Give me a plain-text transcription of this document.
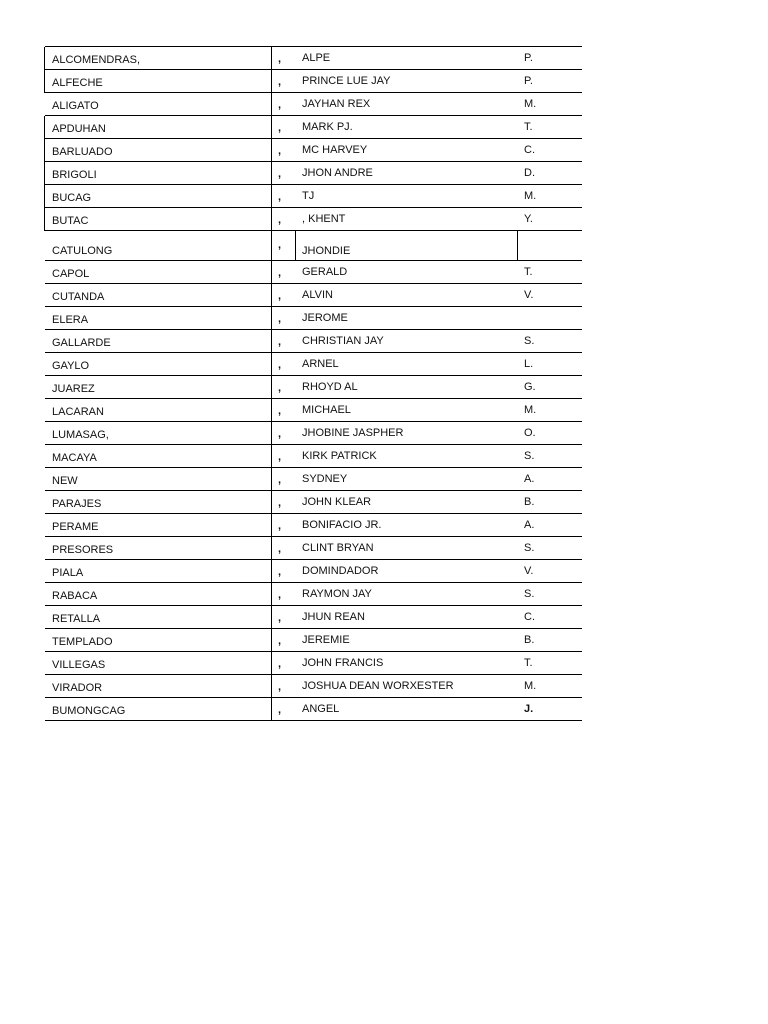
ALCOMENDRAS,	, ALPE	P.
ALFECHE	, PRINCE LUE JAY	P.
ALIGATO	, JAYHAN REX	M.
APDUHAN	, MARK PJ.	T.
BARLUADO	, MC HARVEY	C.
BRIGOLI	, JHON ANDRE	D.
BUCAG	, TJ	M.
BUTAC	, , KHENT	Y.
CATULONG	, JHONDIE
CAPOL	, GERALD	T.
CUTANDA	, ALVIN	V.
ELERA	, JEROME
GALLARDE	, CHRISTIAN JAY	S.
GAYLO	, ARNEL	L.
JUAREZ	, RHOYD AL	G.
LACARAN	, MICHAEL	M.
LUMASAG,	, JHOBINE JASPHER	O.
MACAYA	, KIRK PATRICK	S.
NEW	, SYDNEY	A.
PARAJES	, JOHN KLEAR	B.
PERAME	, BONIFACIO JR.	A.
PRESORES	, CLINT BRYAN	S.
PIALA	, DOMINDADOR	V.
RABACA	, RAYMON JAY	S.
RETALLA	, JHUN REAN	C.
TEMPLADO	, JEREMIE	B.
VILLEGAS	, JOHN FRANCIS	T.
VIRADOR	, JOSHUA DEAN WORXESTER	M.
BUMONGCAG	, ANGEL	J.
